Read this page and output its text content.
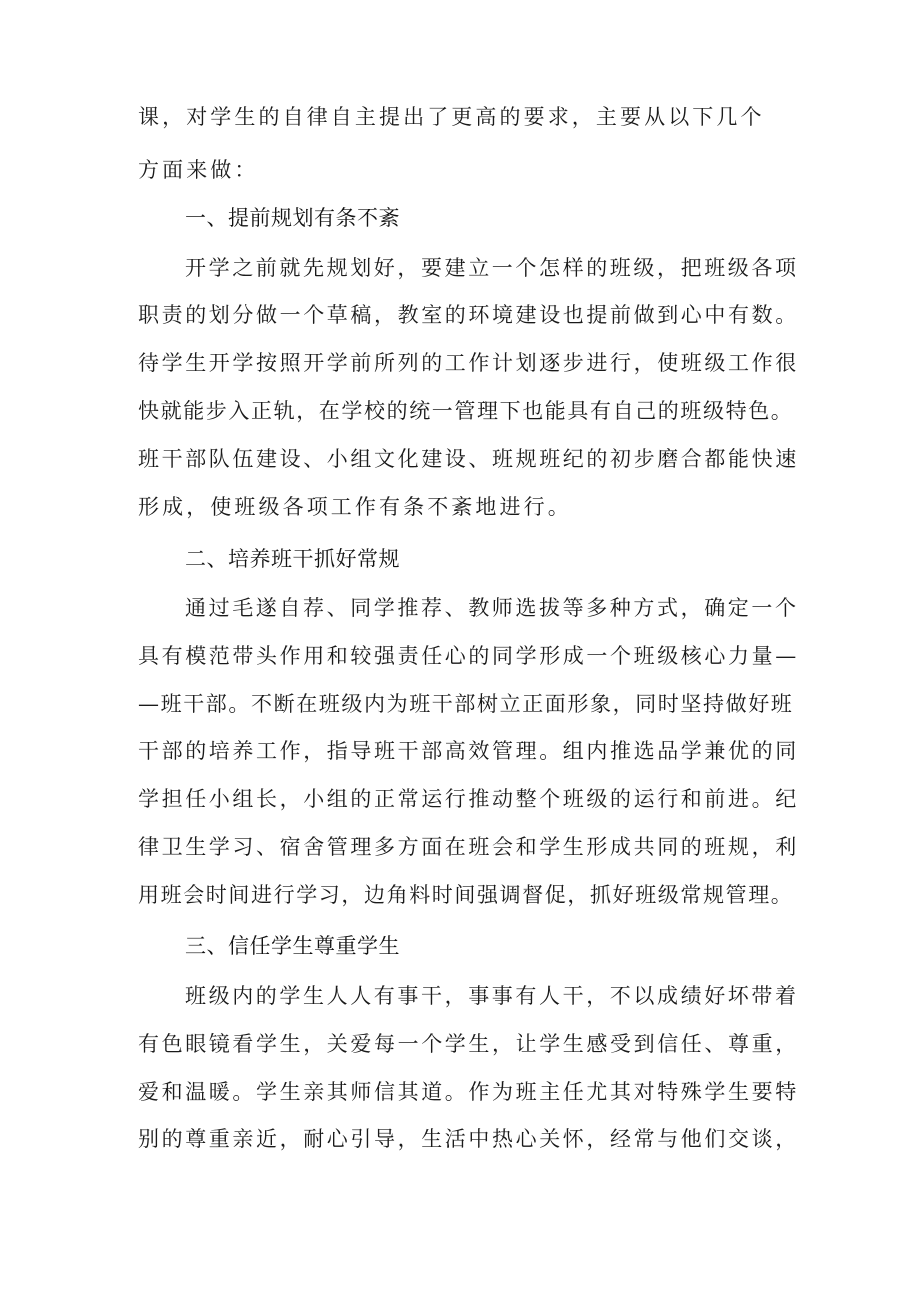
课，对学生的自律自主提出了更高的要求，主要从以下几个
方面来做：
一、提前规划有条不紊
开学之前就先规划好，要建立一个怎样的班级，把班级各项
职责的划分做一个草稿，教室的环境建设也提前做到心中有数。
待学生开学按照开学前所列的工作计划逐步进行，使班级工作很
快就能步入正轨，在学校的统一管理下也能具有自己的班级特色。
班干部队伍建设、小组文化建设、班规班纪的初步磨合都能快速
形成，使班级各项工作有条不紊地进行。
二、培养班干抓好常规
通过毛遂自荐、同学推荐、教师选拔等多种方式，确定一个
具有模范带头作用和较强责任心的同学形成一个班级核心力量—
—班干部。不断在班级内为班干部树立正面形象，同时坚持做好班
干部的培养工作，指导班干部高效管理。组内推选品学兼优的同
学担任小组长，小组的正常运行推动整个班级的运行和前进。纪
律卫生学习、宿舍管理多方面在班会和学生形成共同的班规，利
用班会时间进行学习，边角料时间强调督促，抓好班级常规管理。
三、信任学生尊重学生
班级内的学生人人有事干，事事有人干，不以成绩好坏带着
有色眼镜看学生，关爱每一个学生，让学生感受到信任、尊重，
爱和温暖。学生亲其师信其道。作为班主任尤其对特殊学生要特
别的尊重亲近，耐心引导，生活中热心关怀，经常与他们交谈，
